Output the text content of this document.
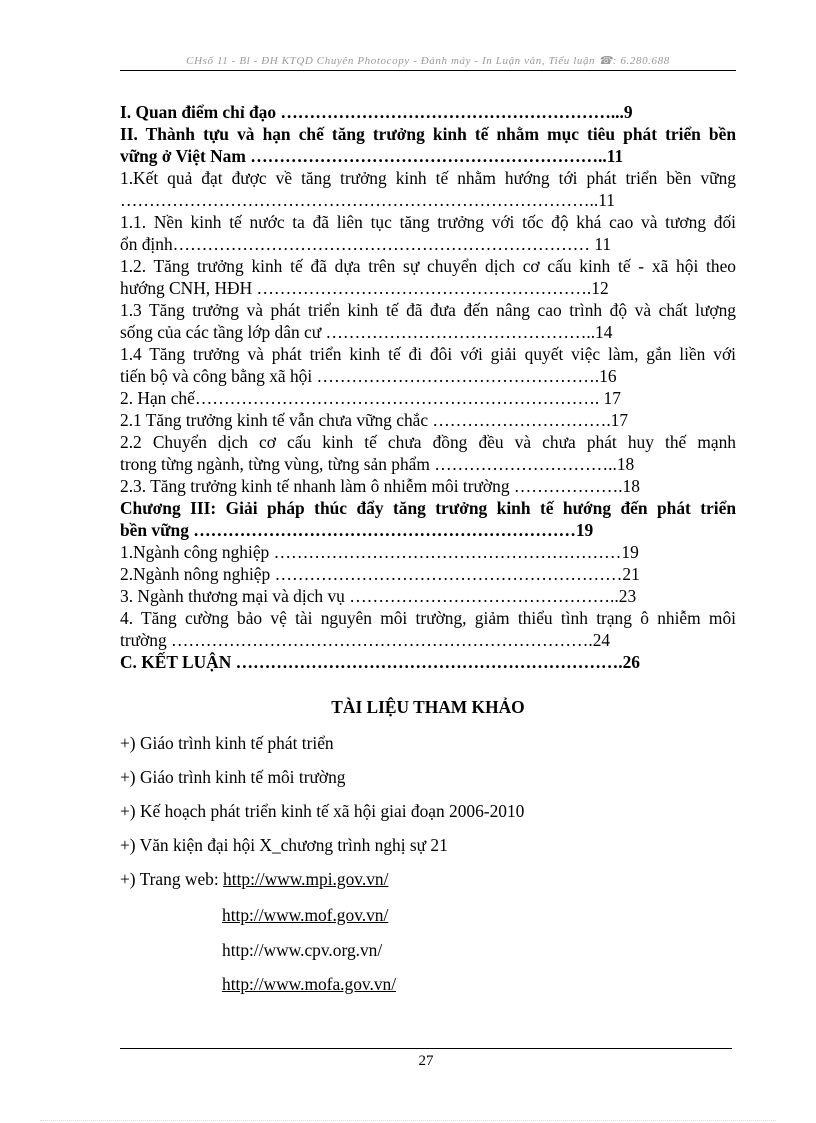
CHsố 11 - Bl - ĐH KTQD Chuyên Photocopy - Đánh máy - In Luận văn, Tiểu luận ☎: 6.280.688
I. Quan điểm chỉ đạo …………………………………………………...9
II. Thành tựu và hạn chế tăng trưởng kinh tế nhằm mục tiêu phát triển bền
vững ở Việt Nam ……………………………………………………..11
1.Kết quả đạt được về tăng trưởng kinh tế nhằm hướng tới phát triển bền vững
………………………………………………………………………..11
1.1. Nền kinh tế nước ta đã liên tục tăng trưởng với tốc độ khá cao và tương đối
ổn định……………………………………………………………… 11
1.2. Tăng trưởng kinh tế đã dựa trên sự chuyển dịch cơ cấu kinh tế - xã hội theo
hướng CNH, HĐH ………………………………………………….12
1.3 Tăng trưởng và phát triển kinh tế đã đưa đến nâng cao trình độ và chất lượng
sống của các tầng lớp dân cư ………………………………………..14
1.4 Tăng trưởng và phát triển kinh tế đi đôi với giải quyết việc làm, gắn liền với
tiến bộ và công bằng xã hội ………………………………………….16
2. Hạn chế……………………………………………………………. 17
2.1 Tăng trưởng kinh tế vẫn chưa vững chắc ………………………….17
2.2 Chuyển dịch cơ cấu kinh tế chưa đồng đều và chưa phát huy thế mạnh
trong từng ngành, từng vùng, từng sản phẩm …………………………..18
2.3. Tăng trưởng kinh tế nhanh làm ô nhiễm môi trường ……………….18
Chương III: Giải pháp thúc đẩy tăng trưởng kinh tế hướng đến phát triển
bền vững …………………………………………………………19
1.Ngành công nghiệp ……………………………………………………19
2.Ngành nông nghiệp ……………………………………………………21
3. Ngành thương mại và dịch vụ ………………………………………..23
4. Tăng cường bảo vệ tài nguyên môi trường, giảm thiểu tình trạng ô nhiễm môi
trường ……………………………………………………………….24
C. KẾT LUẬN ………………………………………………………….26
TÀI LIỆU THAM KHẢO
+) Giáo trình kinh tế phát triển
+) Giáo trình kinh tế môi trường
+) Kế hoạch phát triển kinh tế xã hội giai đoạn 2006-2010
+) Văn kiện đại hội X_chương trình nghị sự 21
+) Trang web: http://www.mpi.gov.vn/
http://www.mof.gov.vn/
http://www.cpv.org.vn/
http://www.mofa.gov.vn/
27
